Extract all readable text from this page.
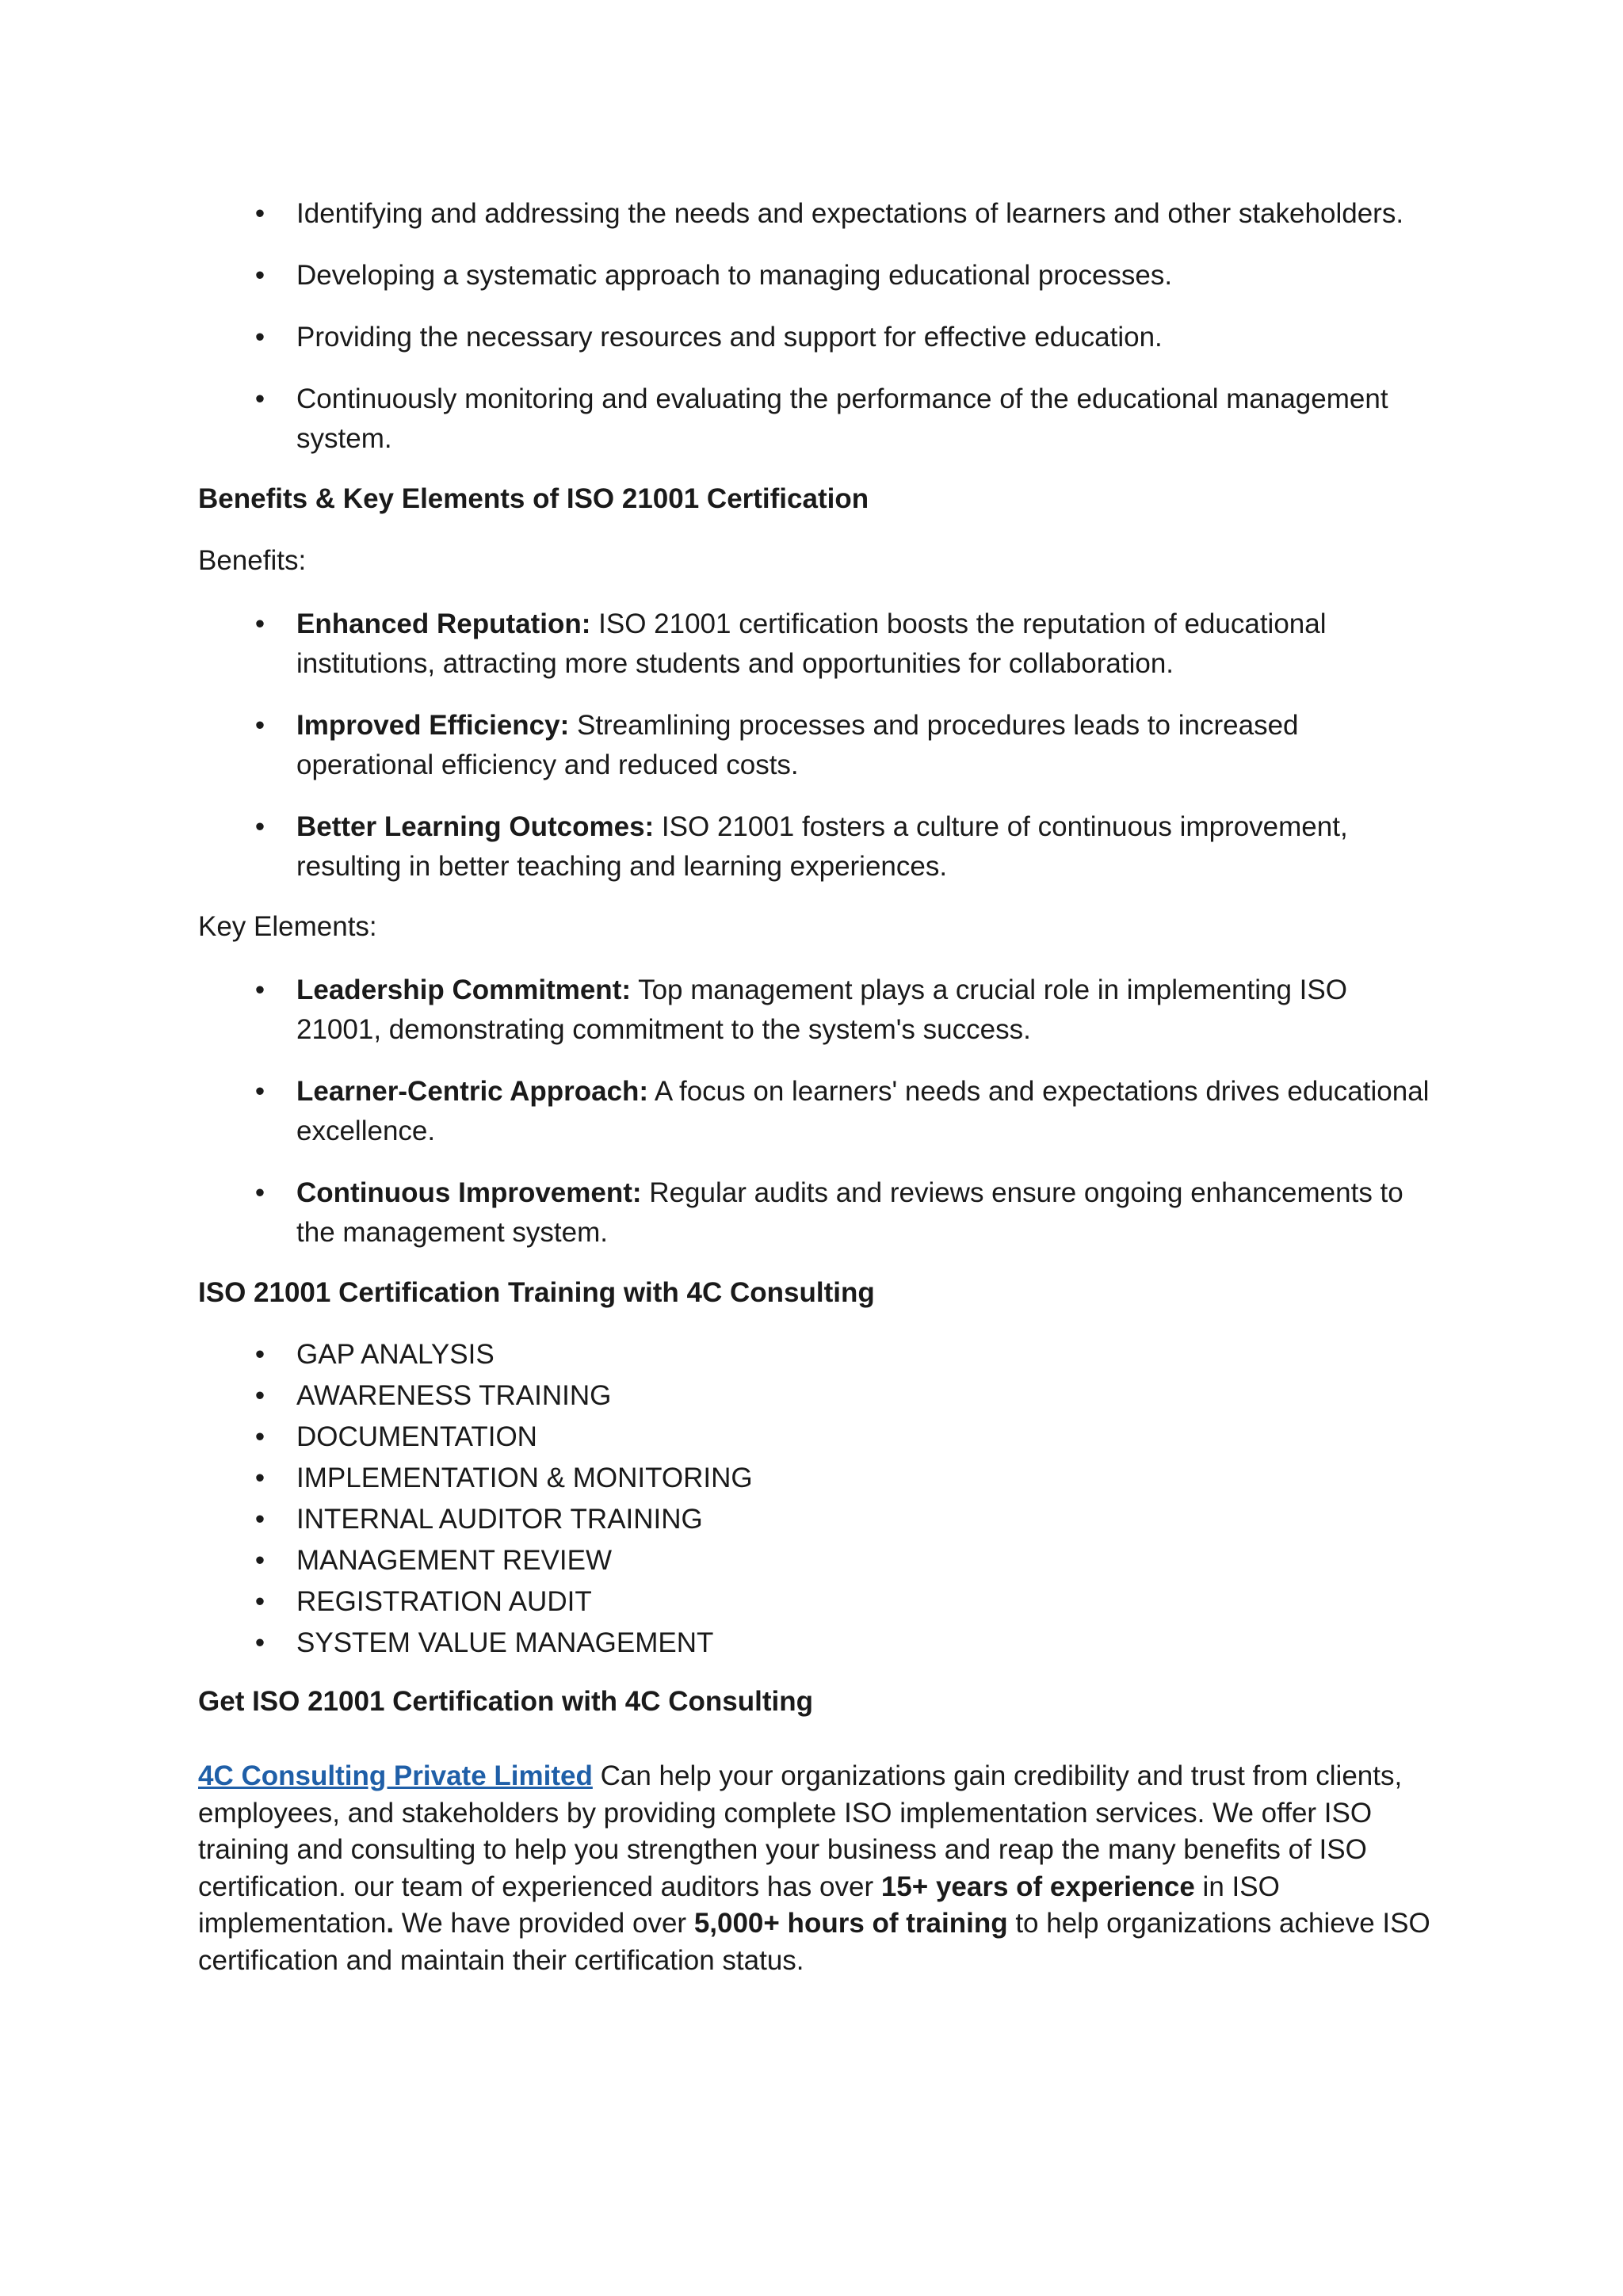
• Identifying and addressing the needs and expectations of learners and other stakeholders.
• Developing a systematic approach to managing educational processes.
• Providing the necessary resources and support for effective education.
• Continuously monitoring and evaluating the performance of the educational management system.
Benefits & Key Elements of ISO 21001 Certification
Benefits:
• Enhanced Reputation: ISO 21001 certification boosts the reputation of educational institutions, attracting more students and opportunities for collaboration.
• Improved Efficiency: Streamlining processes and procedures leads to increased operational efficiency and reduced costs.
• Better Learning Outcomes: ISO 21001 fosters a culture of continuous improvement, resulting in better teaching and learning experiences.
Key Elements:
• Leadership Commitment: Top management plays a crucial role in implementing ISO 21001, demonstrating commitment to the system's success.
• Learner-Centric Approach: A focus on learners' needs and expectations drives educational excellence.
• Continuous Improvement: Regular audits and reviews ensure ongoing enhancements to the management system.
ISO 21001 Certification Training with 4C Consulting
• GAP ANALYSIS
• AWARENESS TRAINING
• DOCUMENTATION
• IMPLEMENTATION & MONITORING
• INTERNAL AUDITOR TRAINING
• MANAGEMENT REVIEW
• REGISTRATION AUDIT
• SYSTEM VALUE MANAGEMENT
Get ISO 21001 Certification with 4C Consulting

4C Consulting Private Limited Can help your organizations gain credibility and trust from clients, employees, and stakeholders by providing complete ISO implementation services. We offer ISO training and consulting to help you strengthen your business and reap the many benefits of ISO certification. our team of experienced auditors has over 15+ years of experience in ISO implementation. We have provided over 5,000+ hours of training to help organizations achieve ISO certification and maintain their certification status.
